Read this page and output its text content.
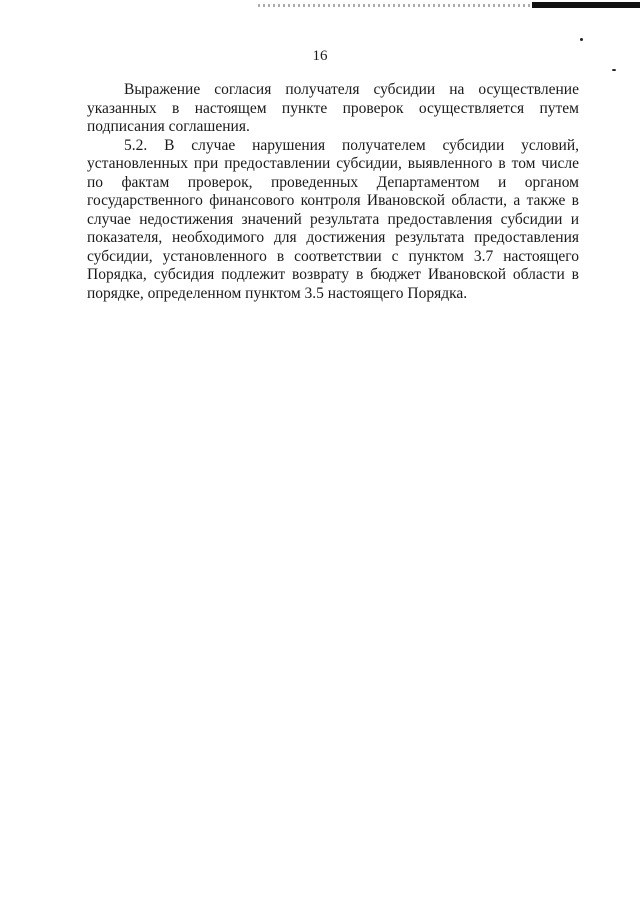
16

Выражение согласия получателя субсидии на осуществление указанных в настоящем пункте проверок осуществляется путем подписания соглашения.

5.2. В случае нарушения получателем субсидии условий, установленных при предоставлении субсидии, выявленного в том числе по фактам проверок, проведенных Департаментом и органом государственного финансового контроля Ивановской области, а также в случае недостижения значений результата предоставления субсидии и показателя, необходимого для достижения результата предоставления субсидии, установленного в соответствии с пунктом 3.7 настоящего Порядка, субсидия подлежит возврату в бюджет Ивановской области в порядке, определенном пунктом 3.5 настоящего Порядка.
